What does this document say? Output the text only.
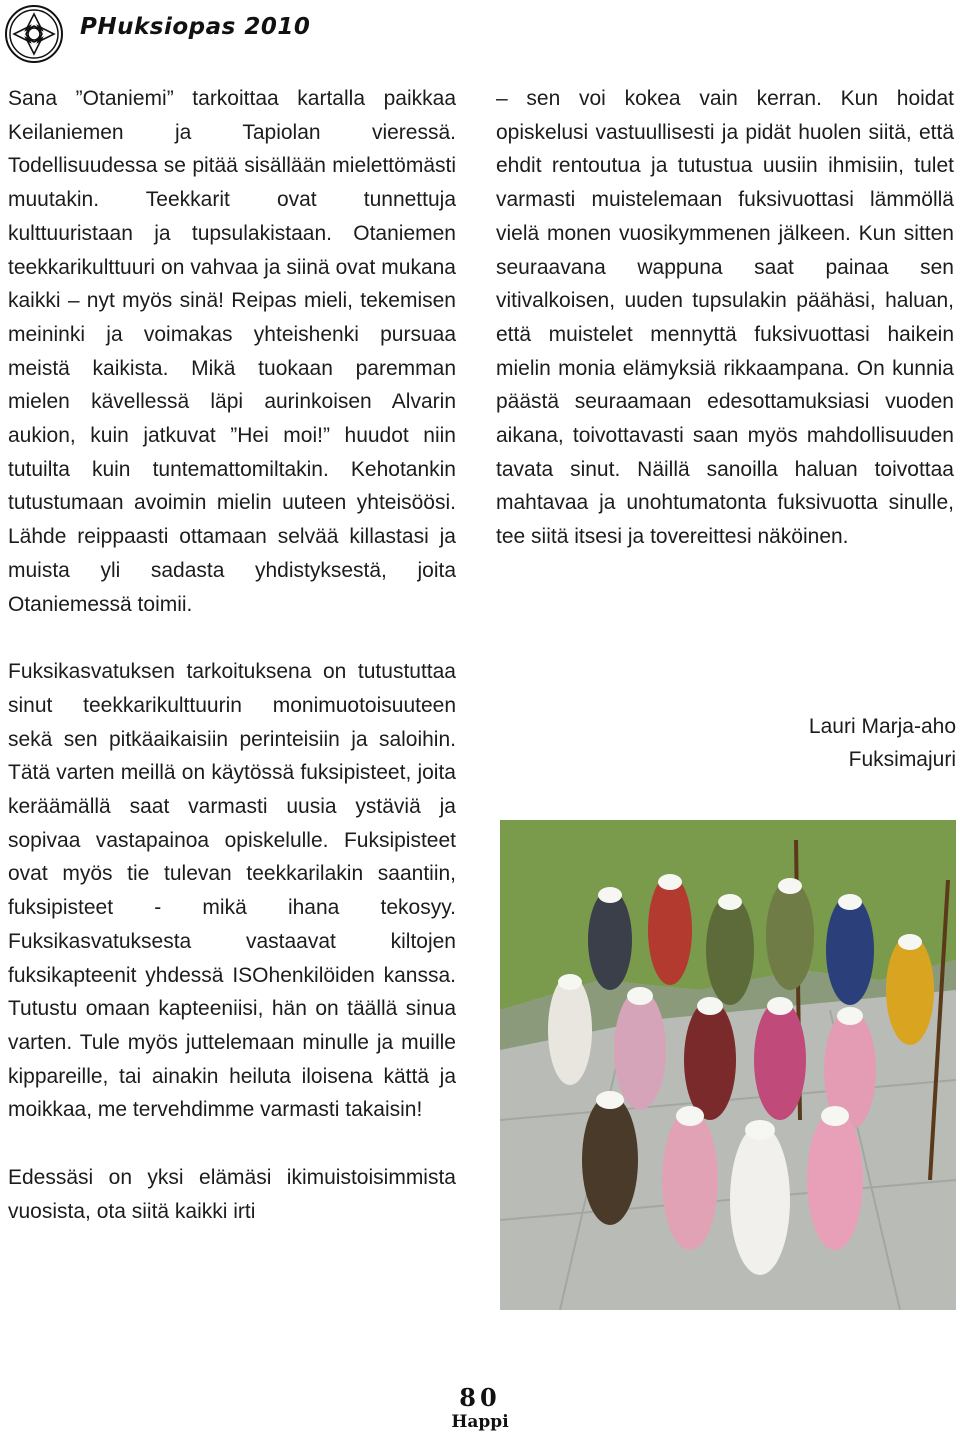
PHuksiopas 2010

Sana ”Otaniemi” tarkoittaa kartalla paikkaa Keilaniemen ja Tapiolan vieressä. Todellisuudessa se pitää sisällään mielettömästi muutakin. Teekkarit ovat tunnettuja kulttuuristaan ja tupsulakistaan. Otaniemen teekkarikulttuuri on vahvaa ja siinä ovat mukana kaikki – nyt myös sinä! Reipas mieli, tekemisen meininki ja voimakas yhteishenki pursuaa meistä kaikista. Mikä tuokaan paremman mielen kävellessä läpi aurinkoisen Alvarin aukion, kuin jatkuvat ”Hei moi!” huudot niin tutuilta kuin tuntemattomiltakin. Kehotankin tutustumaan avoimin mielin uuteen yhteisöösi. Lähde reippaasti ottamaan selvää killastasi ja muista yli sadasta yhdistyksestä, joita Otaniemessä toimii.

Fuksikasvatuksen tarkoituksena on tutustuttaa sinut teekkarikulttuurin monimuotoisuuteen sekä sen pitkäaikaisiin perinteisiin ja saloihin. Tätä varten meillä on käytössä fuksipisteet, joita keräämällä saat varmasti uusia ystäviä ja sopivaa vastapainoa opiskelulle. Fuksipisteet ovat myös tie tulevan teekkarilakin saantiin, fuksipisteet - mikä ihana tekosyy. Fuksikasvatuksesta vastaavat kiltojen fuksikapteenit yhdessä ISOhenkilöiden kanssa. Tutustu omaan kapteeniisi, hän on täällä sinua varten. Tule myös juttelemaan minulle ja muille kippareille, tai ainakin heiluta iloisena kättä ja moikkaa, me tervehdimme varmasti takaisin!

Edessäsi on yksi elämäsi ikimuistoisimmista vuosista, ota siitä kaikki irti

– sen voi kokea vain kerran. Kun hoidat opiskelusi vastuullisesti ja pidät huolen siitä, että ehdit rentoutua ja tutustua uusiin ihmisiin, tulet varmasti muistelemaan fuksivuottasi lämmöllä vielä monen vuosikymmenen jälkeen. Kun sitten seuraavana wappuna saat painaa sen vitivalkoisen, uuden tupsulakin päähäsi, haluan, että muistelet mennyttä fuksivuottasi haikein mielin monia elämyksiä rikkaampana. On kunnia päästä seuraamaan edesottamuksiasi vuoden aikana, toivottavasti saan myös mahdollisuuden tavata sinut. Näillä sanoilla haluan toivottaa mahtavaa ja unohtumatonta fuksivuotta sinulle, tee siitä itsesi ja tovereittesi näköinen.

Lauri Marja-aho
Fuksimajuri
80
Happi
